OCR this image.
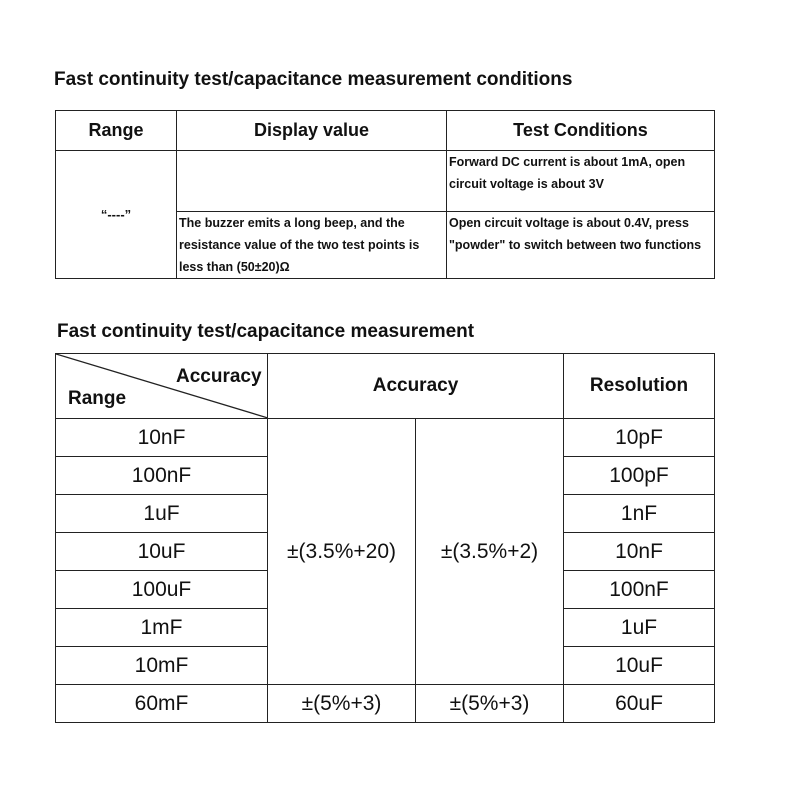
Fast continuity test/capacitance measurement conditions
Range	Display value	Test Conditions
“----”		Forward DC current is about 1mA, open circuit voltage is about 3V
	The buzzer emits a long beep, and the resistance value of the two test points is less than (50±20)Ω	Open circuit voltage is about 0.4V, press "powder" to switch between two functions
Fast continuity test/capacitance measurement
Accuracy
Range	Accuracy		Resolution
10nF	±(3.5%+20)	±(3.5%+2)	10pF
100nF			100pF
1uF			1nF
10uF			10nF
100uF			100nF
1mF			1uF
10mF			10uF
60mF	±(5%+3)	±(5%+3)	60uF
